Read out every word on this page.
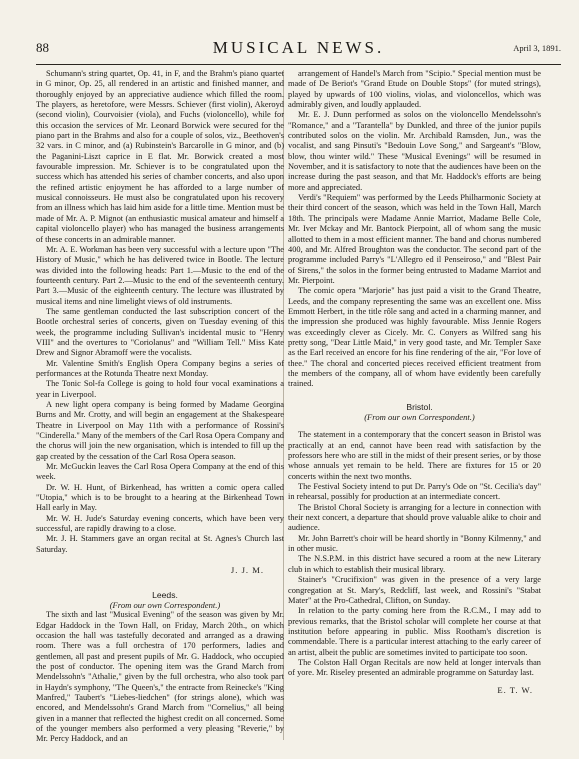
88	MUSICAL NEWS.	April 3, 1891.

Schumann's string quartet, Op. 41, in F, and the Brahm's piano quartet in G minor, Op. 25, all rendered in an artistic and finished manner, and thoroughly enjoyed by an appreciative audience which filled the room. The players, as heretofore, were Messrs. Schiever (first violin), Akeroyd (second violin), Courvoisier (viola), and Fuchs (violoncello), while for this occasion the services of Mr. Leonard Borwick were secured for the piano part in the Brahms and also for a couple of solos, viz., Beethoven's 32 vars. in C minor, and (a) Rubinstein's Barcarolle in G minor, and (b) the Paganini-Liszt caprice in E flat. Mr. Borwick created a most favourable impression. Mr. Schiever is to be congratulated upon the success which has attended his series of chamber concerts, and also upon the refined artistic enjoyment he has afforded to a large number of musical connoisseurs. He must also be congratulated upon his recovery from an illness which has laid him aside for a little time. Mention must be made of Mr. A. P. Mignot (an enthusiastic musical amateur and himself a capital violoncello player) who has managed the business arrangements of these concerts in an admirable manner.

Mr. A. E. Workman has been very successful with a lecture upon "The History of Music," which he has delivered twice in Bootle. The lecture was divided into the following heads: Part 1.—Music to the end of the fourteenth century. Part 2.—Music to the end of the seventeenth century. Part 3.—Music of the eighteenth century. The lecture was illustrated by musical items and nine limelight views of old instruments.

The same gentleman conducted the last subscription concert of the Bootle orchestral series of concerts, given on Tuesday evening of this week, the programme including Sullivan's incidental music to "Henry VIII" and the overtures to "Coriolanus" and "William Tell." Miss Kate Drew and Signor Abramoff were the vocalists.

Mr. Valentine Smith's English Opera Company begins a series of performances at the Rotunda Theatre next Monday.

The Tonic Sol-fa College is going to hold four vocal examinations a year in Liverpool.

A new light opera company is being formed by Madame Georgina Burns and Mr. Crotty, and will begin an engagement at the Shakespeare Theatre in Liverpool on May 11th with a performance of Rossini's "Cinderella." Many of the members of the Carl Rosa Opera Company and the chorus will join the new organisation, which is intended to fill up the gap created by the cessation of the Carl Rosa Opera season.

Mr. McGuckin leaves the Carl Rosa Opera Company at the end of this week.

Dr. W. H. Hunt, of Birkenhead, has written a comic opera called "Utopia," which is to be brought to a hearing at the Birkenhead Town Hall early in May.

Mr. W. H. Jude's Saturday evening concerts, which have been very successful, are rapidly drawing to a close.

Mr. J. H. Stammers gave an organ recital at St. Agnes's Church last Saturday.

J. J. M.

Leeds.

(From our own Correspondent.)

The sixth and last "Musical Evening" of the season was given by Mr. Edgar Haddock in the Town Hall, on Friday, March 20th., on which occasion the hall was tastefully decorated and arranged as a drawing room. There was a full orchestra of 170 performers, ladies and gentlemen, all past and present pupils of Mr. G. Haddock, who occupied the post of conductor. The opening item was the Grand March from Mendelssohn's "Athalie," given by the full orchestra, who also took part in Haydn's symphony, "The Queen's," the entracte from Reinecke's "King Manfred," Taubert's "Liebes-liedchen" (for strings alone), which was encored, and Mendelssohn's Grand March from "Cornelius," all being given in a manner that reflected the highest credit on all concerned. Some of the younger members also performed a very pleasing "Reverie," by Mr. Percy Haddock, and an

arrangement of Handel's March from "Scipio." Special mention must be made of De Beriot's "Grand Etude on Double Stops" (for muted strings), played by upwards of 100 violins, violas, and violoncellos, which was admirably given, and loudly applauded.

Mr. E. J. Dunn performed as solos on the violoncello Mendelssohn's "Romance," and a "Tarantella" by Dunkled, and three of the junior pupils contributed solos on the violin. Mr. Archibald Ramsden, Jun., was the vocalist, and sang Pinsuti's "Bedouin Love Song," and Sargeant's "Blow, blow, thou winter wild." These "Musical Evenings" will be resumed in November, and it is satisfactory to note that the audiences have been on the increase during the past season, and that Mr. Haddock's efforts are being more and appreciated.

Verdi's "Requiem" was performed by the Leeds Philharmonic Society at their third concert of the season, which was held in the Town Hall, March 18th. The principals were Madame Annie Marriot, Madame Belle Cole, Mr. Iver Mckay and Mr. Bantock Pierpoint, all of whom sang the music allotted to them in a most efficient manner. The band and chorus numbered 400, and Mr. Alfred Broughton was the conductor. The second part of the programme included Parry's "L'Allegro ed il Penseiroso," and "Blest Pair of Sirens," the solos in the former being entrusted to Madame Marriot and Mr. Pierpoint.

The comic opera "Marjorie" has just paid a visit to the Grand Theatre, Leeds, and the company representing the same was an excellent one. Miss Emmott Herbert, in the title rôle sang and acted in a charming manner, and the impression she produced was highly favourable. Miss Jennie Rogers was exceedingly clever as Cicely. Mr. C. Conyers as Wilfred sang his pretty song, "Dear Little Maid," in very good taste, and Mr. Templer Saxe as the Earl received an encore for his fine rendering of the air, "For love of thee." The choral and concerted pieces received efficient treatment from the members of the company, all of whom have evidently been carefully trained.

Bristol.

(From our own Correspondent.)

The statement in a contemporary that the concert season in Bristol was practically at an end, cannot have been read with satisfaction by the professors here who are still in the midst of their present series, or by those whose annuals yet remain to be held. There are fixtures for 15 or 20 concerts within the next two months.

The Festival Society intend to put Dr. Parry's Ode on "St. Cecilia's day" in rehearsal, possibly for production at an intermediate concert.

The Bristol Choral Society is arranging for a lecture in connection with their next concert, a departure that should prove valuable alike to choir and audience.

Mr. John Barrett's choir will be heard shortly in "Bonny Kilmenny," and in other music.

The N.S.P.M. in this district have secured a room at the new Literary club in which to establish their musical library.

Stainer's "Crucifixion" was given in the presence of a very large congregation at St. Mary's, Redcliff, last week, and Rossini's "Stabat Mater" at the Pro-Cathedral, Clifton, on Sunday.

In relation to the party coming here from the R.C.M., I may add to previous remarks, that the Bristol scholar will complete her course at that institution before appearing in public. Miss Rootham's discretion is commendable. There is a particular interest attaching to the early career of an artist, albeit the public are sometimes invited to participate too soon.

The Colston Hall Organ Recitals are now held at longer intervals than of yore. Mr. Riseley presented an admirable programme on Saturday last.

E. T. W.
